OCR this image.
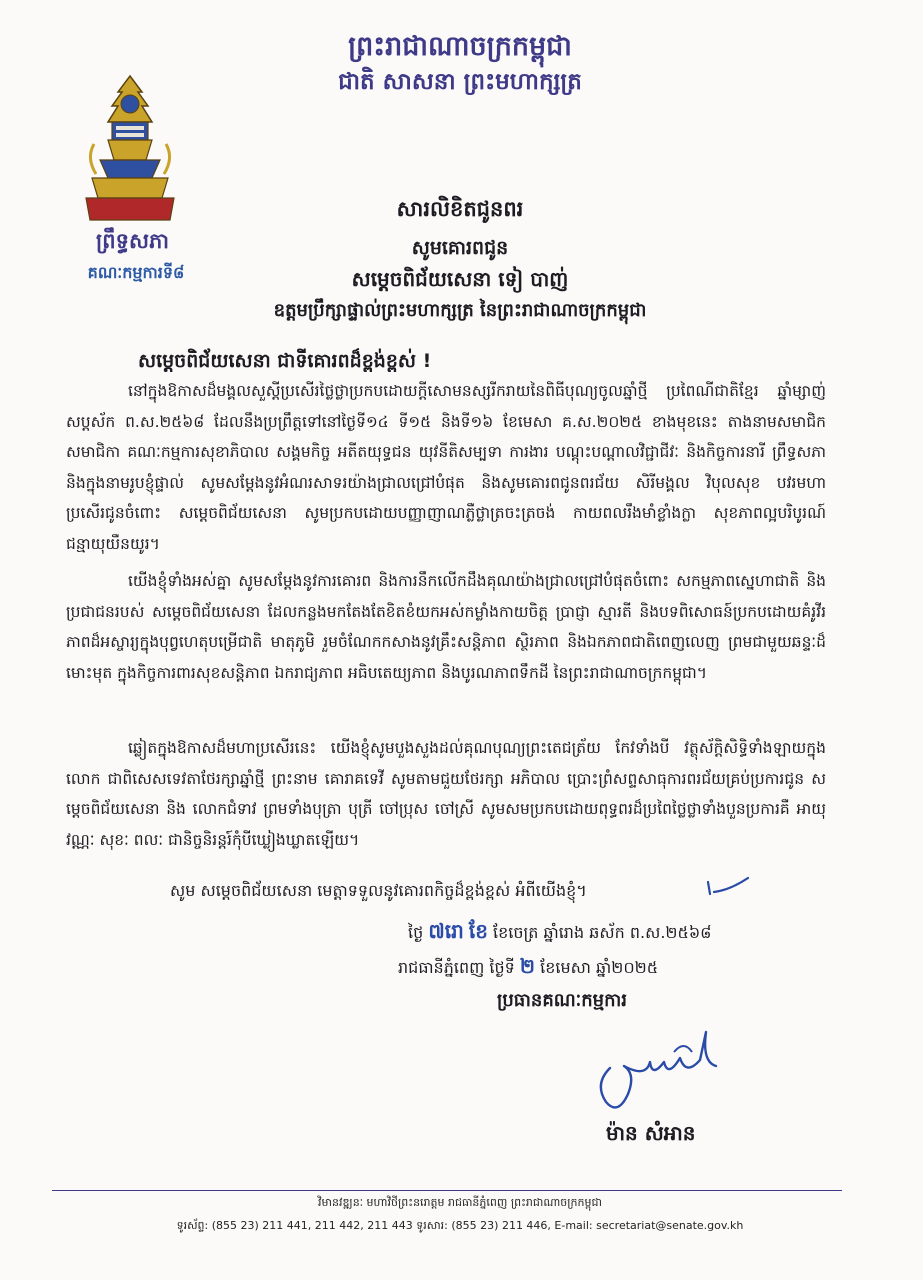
ព្រះរាជាណាចក្រកម្ពុជា
ជាតិ សាសនា ព្រះមហាក្សត្រ
ព្រឹទ្ធសភា
គណៈកម្មការទី៨
សារលិខិតជូនពរ
សូមគោរពជូន
សម្តេចពិជ័យសេនា ទៀ បាញ់
ឧត្តមប្រឹក្សាផ្ទាល់ព្រះមហាក្សត្រ នៃព្រះរាជាណាចក្រកម្ពុជា
សម្តេចពិជ័យសេនា ជាទីគោរពដ៏ខ្ពង់ខ្ពស់ !

នៅក្នុងឱកាសដ៏មង្គលសួស្តីប្រសើរថ្លៃថ្លាប្រកបដោយក្តីសោមនស្សរីករាយនៃពិធីបុណ្យចូលឆ្នាំថ្មី ប្រពៃណីជាតិខ្មែរ ឆ្នាំម្សាញ់ សប្តស័ក ព.ស.២៥៦៨ ដែលនឹងប្រព្រឹត្តទៅនៅថ្ងៃទី១៤ ទី១៥ និងទី១៦ ខែមេសា គ.ស.២០២៥ ខាងមុខនេះ តាងនាមសមាជិក សមាជិកា គណៈកម្មការសុខាភិបាល សង្គមកិច្ច អតីតយុទ្ធជន យុវនីតិសម្បទា ការងារ បណ្តុះបណ្តាលវិជ្ជាជីវៈ និងកិច្ចការនារី ព្រឹទ្ធសភា និងក្នុងនាមរូបខ្ញុំផ្ទាល់ សូមសម្តែងនូវអំណរសាទរយ៉ាងជ្រាលជ្រៅបំផុត និងសូមគោរពជូនពរជ័យ សិរីមង្គល វិបុលសុខ បវរមហាប្រសើរជូនចំពោះ សម្តេចពិជ័យសេនា សូមប្រកបដោយបញ្ញាញាណភ្លឺថ្លាត្រចះត្រចង់ កាយពលរឹងមាំខ្លាំងក្លា សុខភាពល្អបរិបូរណ៍ ជន្មាយុយឺនយូរ។

យើងខ្ញុំទាំងអស់គ្នា សូមសម្តែងនូវការគោរព និងការនឹកលើកដឹងគុណយ៉ាងជ្រាលជ្រៅបំផុតចំពោះ សកម្មភាពស្នេហាជាតិ និងប្រជាជនរបស់ សម្តេចពិជ័យសេនា ដែលកន្លងមកតែងតែខិតខំយកអស់កម្លាំងកាយចិត្ត ប្រាជ្ញា ស្មារតី និងបទពិសោធន៍ប្រកបដោយគំរូវីរភាពដ៏អស្ចារ្យក្នុងបុព្វហេតុបម្រើជាតិ មាតុភូមិ រួមចំណែកកសាងនូវគ្រឹះសន្តិភាព ស្ថិរភាព និងឯកភាពជាតិពេញលេញ ព្រមជាមួយឆន្ទៈដ៏មោះមុត ក្នុងកិច្ចការពារសុខសន្តិភាព ឯករាជ្យភាព អធិបតេយ្យភាព និងបូរណភាពទឹកដី នៃព្រះរាជាណាចក្រកម្ពុជា។

ឆ្លៀតក្នុងឱកាសដ៏មហាប្រសើរនេះ យើងខ្ញុំសូមបួងសួងដល់គុណបុណ្យព្រះតេជត្រ័យ កែវទាំងបី វត្ថុស័ក្តិសិទ្ធិទាំងឡាយក្នុងលោក ជាពិសេសទេវតាថែរក្សាឆ្នាំថ្មី ព្រះនាម គោរាគទេវី សូមតាមជួយថែរក្សា អភិបាល ប្រោះព្រំសព្ទសាធុការពរជ័យគ្រប់ប្រការជូន សម្តេចពិជ័យសេនា និង លោកជំទាវ ព្រមទាំងបុត្រា បុត្រី ចៅប្រុស ចៅស្រី សូមសមប្រកបដោយពុទ្ធពរដ៏ប្រពៃថ្លៃថ្លាទាំងបួនប្រការគឺ អាយុ វណ្ណៈ សុខៈ ពលៈ ជានិច្ចនិរន្តរ៍កុំបីឃ្លៀងឃ្លាតឡើយ។

សូម សម្តេចពិជ័យសេនា មេត្តាទទួលនូវគោរពកិច្ចដ៏ខ្ពង់ខ្ពស់ អំពីយើងខ្ញុំ។
ថ្ងៃ ៧រោ ខែ ខែចេត្រ ឆ្នាំរោង ឆស័ក ព.ស.២៥៦៨
រាជធានីភ្នំពេញ ថ្ងៃទី ២ ខែមេសា ឆ្នាំ២០២៥
ប្រធានគណៈកម្មការ
ម៉ាន សំអាន
វិមានវឌ្ឍនៈ មហាវិថីព្រះនរោត្តម រាជធានីភ្នំពេញ ព្រះរាជាណាចក្រកម្ពុជា
ទូរស័ព្ទ: (855 23) 211 441, 211 442, 211 443 ទូរសារ: (855 23) 211 446, E-mail: secretariat@senate.gov.kh
